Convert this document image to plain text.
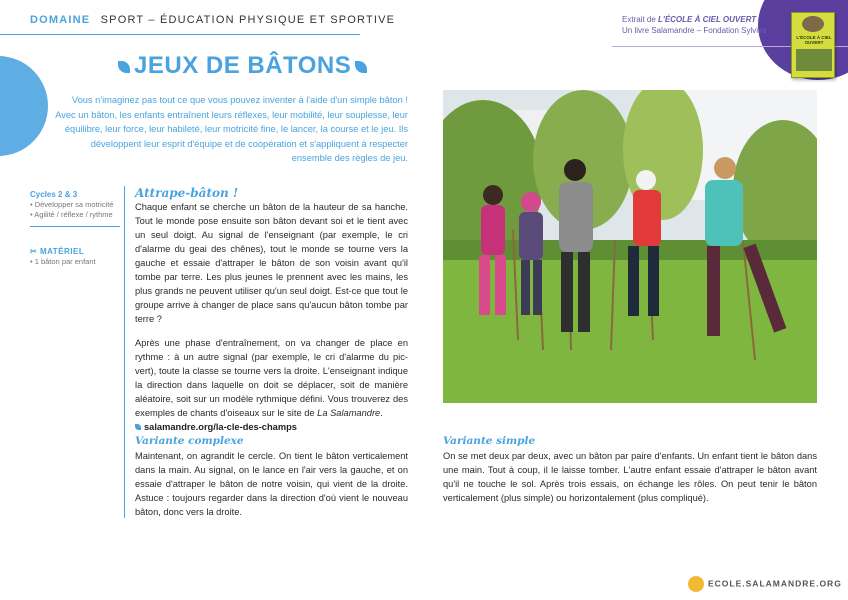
DOMAINE SPORT – ÉDUCATION PHYSIQUE ET SPORTIVE	Extrait de L'ÉCOLE À CIEL OUVERT
Un livre Salamandre – Fondation Sylviva
L'ÉCOLE À CIEL OUVERT
JEUX DE BÂTONS
Vous n'imaginez pas tout ce que vous pouvez inventer à l'aide d'un simple bâton ! Avec un bâton, les enfants entraînent leurs réflexes, leur mobilité, leur souplesse, leur équilibre, leur force, leur habileté, leur motricité fine, le lancer, la course et le jeu. Ils développent leur esprit d'équipe et de coopération et s'appliquent à respecter ensemble des règles de jeu.
Cycles 2 & 3
• Développer sa motricité
• Agilité / réflexe / rythme
✂ MATÉRIEL
• 1 bâton par enfant
Attrape-bâton !

Chaque enfant se cherche un bâton de la hauteur de sa hanche. Tout le monde pose ensuite son bâton devant soi et le tient avec un seul doigt. Au signal de l'enseignant (par exemple, le cri d'alarme du geai des chênes), tout le monde se tourne vers la gauche et essaie d'attraper le bâton de son voisin avant qu'il tombe par terre. Les plus jeunes le prennent avec les mains, les plus grands ne peuvent utiliser qu'un seul doigt. Est-ce que tout le groupe arrive à changer de place sans qu'aucun bâton tombe par terre ?

Après une phase d'entraînement, on va changer de place en rythme : à un autre signal (par exemple, le cri d'alarme du pic-vert), toute la classe se tourne vers la droite. L'enseignant indique la direction dans laquelle on doit se déplacer, soit de manière aléatoire, soit sur un modèle rythmique défini. Vous trouverez des exemples de chants d'oiseaux sur le site de La Salamandre.

salamandre.org/la-cle-des-champs

Variante complexe

Maintenant, on agrandit le cercle. On tient le bâton verticalement dans la main. Au signal, on le lance en l'air vers la gauche, et on essaie d'attraper le bâton de notre voisin, qui vient de la droite. Astuce : toujours regarder dans la direction d'où vient le nouveau bâton, donc vers la droite.

Variante simple

On se met deux par deux, avec un bâton par paire d'enfants. Un enfant tient le bâton dans une main. Tout à coup, il le laisse tomber. L'autre enfant essaie d'attraper le bâton avant qu'il ne touche le sol. Après trois essais, on échange les rôles. On peut tenir le bâton verticalement (plus simple) ou horizontalement (plus compliqué).

ECOLE.SALAMANDRE.ORG
